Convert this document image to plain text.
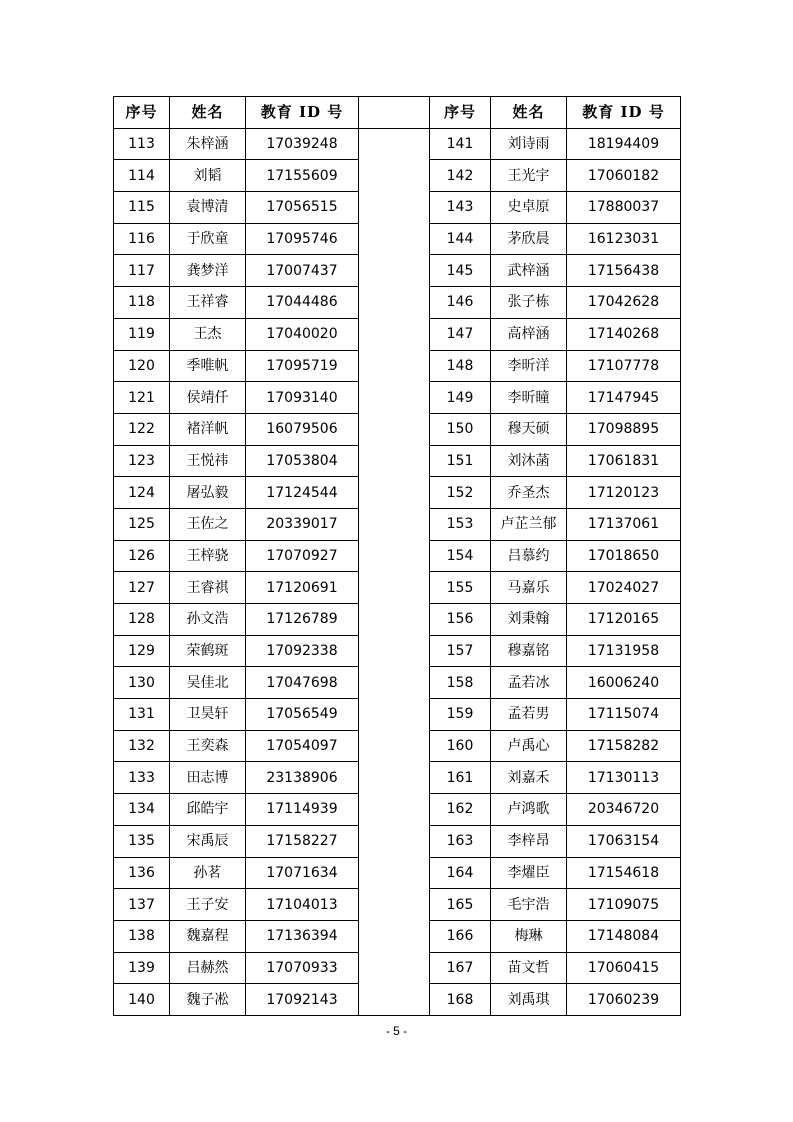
序号	姓名	教育 ID 号		序号	姓名	教育 ID 号
113	朱梓涵	17039248		141	刘诗雨	18194409
114	刘韬	17155609		142	王光宇	17060182
115	袁博清	17056515		143	史卓原	17880037
116	于欣童	17095746		144	茅欣晨	16123031
117	龚梦洋	17007437		145	武梓涵	17156438
118	王祥睿	17044486		146	张子栋	17042628
119	王杰	17040020		147	高梓涵	17140268
120	季唯帆	17095719		148	李昕洋	17107778
121	侯靖仟	17093140		149	李昕瞳	17147945
122	褚洋帆	16079506		150	穆天硕	17098895
123	王悦祎	17053804		151	刘沐菡	17061831
124	屠弘毅	17124544		152	乔圣杰	17120123
125	王佐之	20339017		153	卢芷兰郁	17137061
126	王梓骁	17070927		154	吕慕约	17018650
127	王睿祺	17120691		155	马嘉乐	17024027
128	孙文浩	17126789		156	刘秉翰	17120165
129	荣鹤斑	17092338		157	穆嘉铭	17131958
130	吴佳北	17047698		158	孟若冰	16006240
131	卫昊轩	17056549		159	孟若男	17115074
132	王奕森	17054097		160	卢禹心	17158282
133	田志博	23138906		161	刘嘉禾	17130113
134	邱皓宇	17114939		162	卢鸿歌	20346720
135	宋禹辰	17158227		163	李梓昂	17063154
136	孙茗	17071634		164	李燿臣	17154618
137	王子安	17104013		165	毛宇浩	17109075
138	魏嘉程	17136394		166	梅琳	17148084
139	吕赫然	17070933		167	苗文哲	17060415
140	魏子凇	17092143		168	刘禹琪	17060239
- 5 -
